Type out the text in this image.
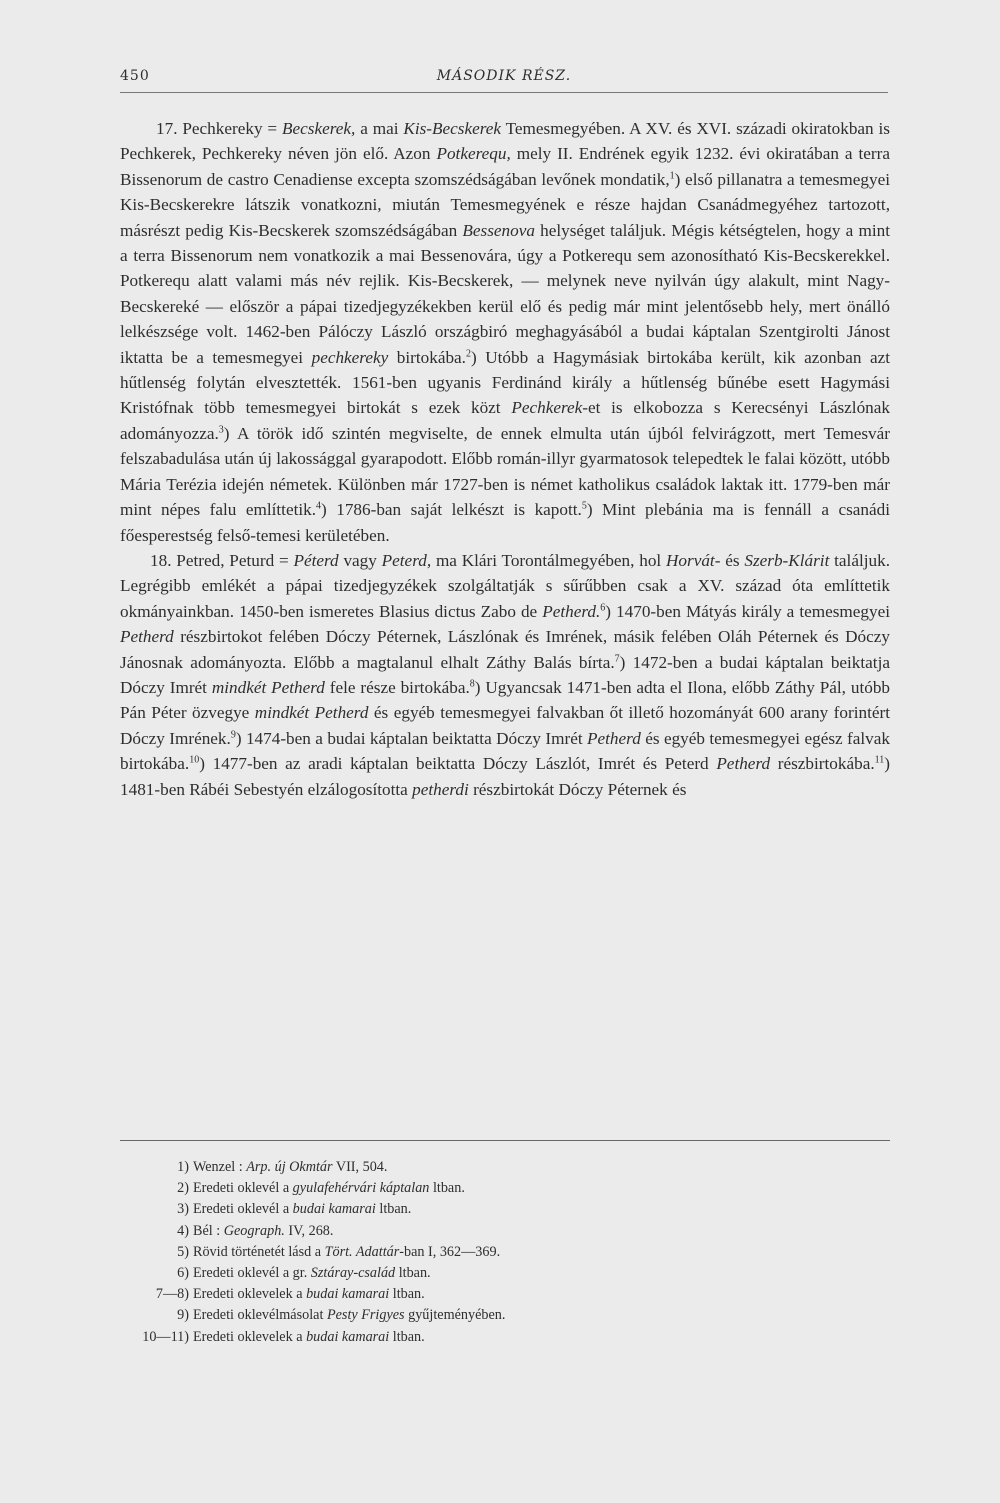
450	MÁSODIK RÉSZ.

17. Pechkereky = Becskerek, a mai Kis-Becskerek Temesmegyében. A XV. és XVI. századi okiratokban is Pechkerek, Pechkereky néven jön elő. Azon Potkerequ, mely II. Endrének egyik 1232. évi okiratában a terra Bissenorum de castro Cenadiense excepta szomszédságában levőnek mondatik,$^1$) első pillanatra a temesmegyei Kis-Becskerekre látszik vonatkozni, miután Temesmegyének e része hajdan Csanádmegyéhez tartozott, másrészt pedig Kis-Becskerek szomszédságában Bessenova helységet találjuk. Mégis kétségtelen, hogy a mint a terra Bissenorum nem vonatkozik a mai Bessenovára, úgy a Potkerequ sem azonosítható Kis-Becskerekkel. Potkerequ alatt valami más név rejlik. Kis-Becskerek, — melynek neve nyilván úgy alakult, mint Nagy-Becskereké — először a pápai tizedjegyzékekben kerül elő és pedig már mint jelentősebb hely, mert önálló lelkészsége volt. 1462-ben Pálóczy László országbiró meghagyásából a budai káptalan Szentgirolti Jánost iktatta be a temesmegyei pechkereky birtokába.$^2$) Utóbb a Hagymásiak birtokába került, kik azonban azt hűtlenség folytán elvesztették. 1561-ben ugyanis Ferdinánd király a hűtlenség bűnébe esett Hagymási Kristófnak több temesmegyei birtokát s ezek közt Pechkerek-et is elkobozza s Kerecsényi Lászlónak adományozza.$^3$) A török idő szintén megviselte, de ennek elmulta után újból felvirágzott, mert Temesvár felszabadulása után új lakossággal gyarapodott. Előbb román-illyr gyarmatosok telepedtek le falai között, utóbb Mária Terézia idején németek. Különben már 1727-ben is német katholikus családok laktak itt. 1779-ben már mint népes falu említtetik.$^4$) 1786-ban saját lelkészt is kapott.$^5$) Mint plebánia ma is fennáll a csanádi főesperestség felső-temesi kerületében.

18. Petred, Peturd = Péterd vagy Peterd, ma Klári Torontálmegyében, hol Horvát- és Szerb-Klárit találjuk. Legrégibb emlékét a pápai tizedjegyzékek szolgáltatják s sűrűbben csak a XV. század óta említtetik okmányainkban. 1450-ben ismeretes Blasius dictus Zabo de Petherd.$^6$) 1470-ben Mátyás király a temesmegyei Petherd részbirtokot felében Dóczy Péternek, Lászlónak és Imrének, másik felében Oláh Péternek és Dóczy Jánosnak adományozta. Előbb a magtalanul elhalt Záthy Balás bírta.$^7$) 1472-ben a budai káptalan beiktatja Dóczy Imrét mindkét Petherd fele része birtokába.$^8$) Ugyancsak 1471-ben adta el Ilona, előbb Záthy Pál, utóbb Pán Péter özvegye mindkét Petherd és egyéb temesmegyei falvakban őt illető hozományát 600 arany forintért Dóczy Imrének.$^9$) 1474-ben a budai káptalan beiktatta Dóczy Imrét Petherd és egyéb temesmegyei egész falvak birtokába.$^{10}$) 1477-ben az aradi káptalan beiktatta Dóczy Lászlót, Imrét és Peterd Petherd részbirtokába.$^{11}$) 1481-ben Rábéi Sebestyén elzálogosította petherdi részbirtokát Dóczy Péternek és

1) Wenzel : Arp. új Okmtár VII, 504.
2) Eredeti oklevél a gyulafehérvári káptalan ltban.
3) Eredeti oklevél a budai kamarai ltban.
4) Bél : Geograph. IV, 268.
5) Rövid történetét lásd a Tört. Adattár-ban I, 362—369.
6) Eredeti oklevél a gr. Sztáray-család ltban.
7—8) Eredeti oklevelek a budai kamarai ltban.
9) Eredeti oklevélmásolat Pesty Frigyes gyűjteményében.
10—11) Eredeti oklevelek a budai kamarai ltban.
